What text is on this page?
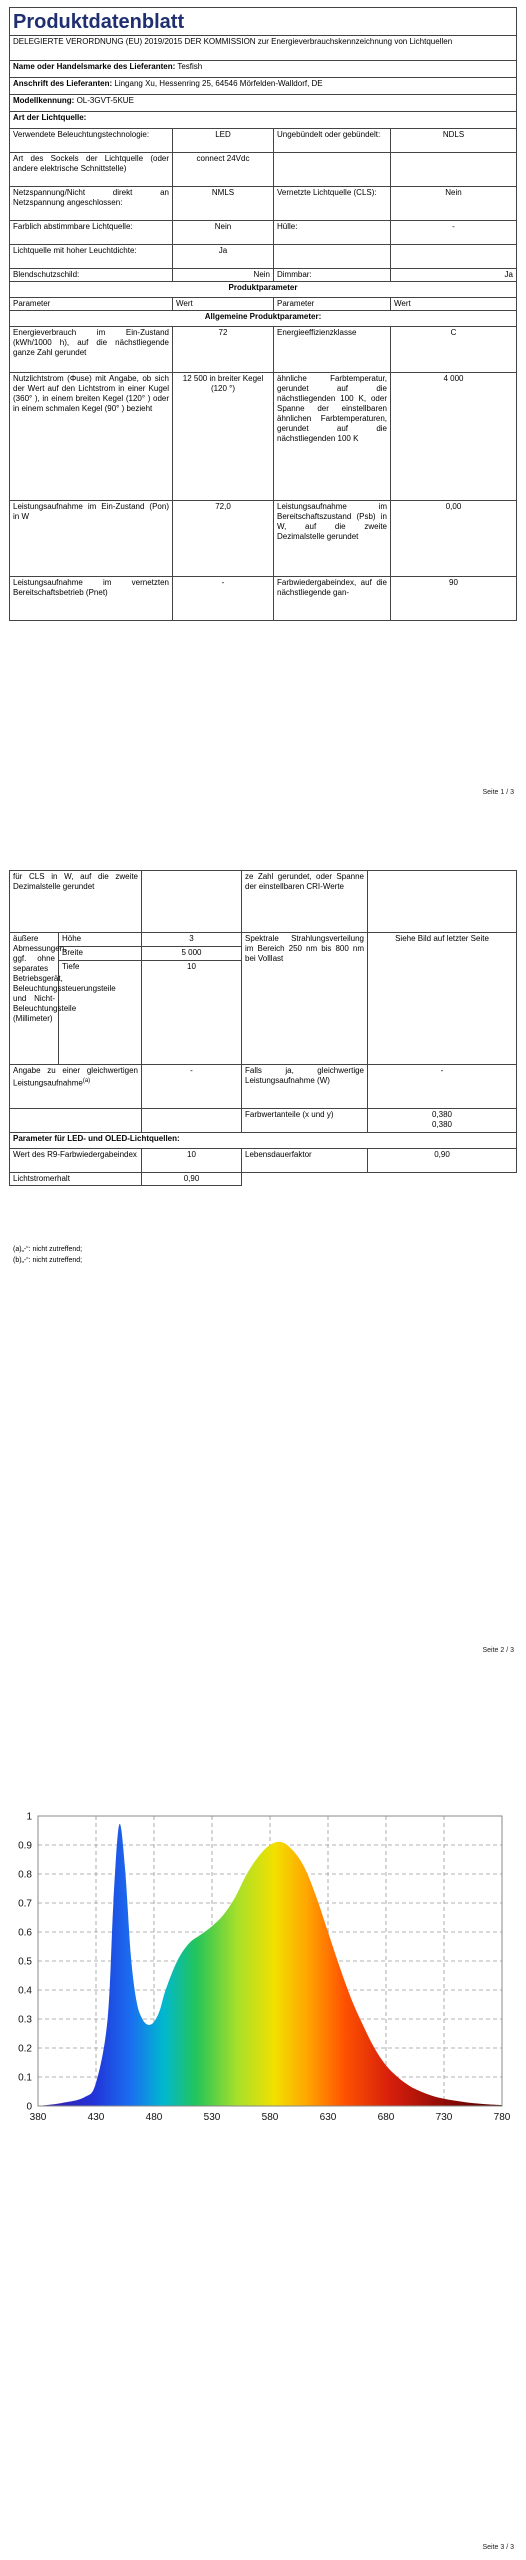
Produktdatenblatt			
DELEGIERTE VERORDNUNG (EU) 2019/2015 DER KOMMISSION zur Energieverbrauchskennzeichnung von Lichtquellen			
Name oder Handelsmarke des Lieferanten: Tesfish			
Anschrift des Lieferanten: Lingang Xu, Hessenring 25, 64546 Mörfelden-Walldorf, DE			
Modellkennung: OL-3GVT-5KUE			
Art der Lichtquelle:			
Verwendete Beleuchtungstechnologie:	LED	Ungebündelt oder gebündelt:	NDLS
Art des Sockels der Lichtquelle (oder andere elektrische Schnittstelle)	connect 24Vdc		
Netzspannung/Nicht direkt an Netzspannung angeschlossen:	NMLS	Vernetzte Lichtquelle (CLS):	Nein
Farblich abstimmbare Lichtquelle:	Nein	Hülle:	-
Lichtquelle mit hoher Leuchtdichte:	Ja		
Blendschutzschild:	Nein	Dimmbar:	Ja
Produktparameter			
Parameter	Wert	Parameter	Wert
Allgemeine Produktparameter:			
Energieverbrauch im Ein-Zustand (kWh/1000 h), auf die nächstliegende ganze Zahl gerundet	72	Energieeffizienzklasse	C
Nutzlichtstrom (Φuse) mit Angabe, ob sich der Wert auf den Lichtstrom in einer Kugel (360° ), in einem breiten Kegel (120° ) oder in einem schmalen Kegel (90° ) bezieht	12 500 in breiter Kegel (120 °)	ähnliche Farbtemperatur, gerundet auf die nächstliegenden 100 K, oder Spanne der einstellbaren ähnlichen Farbtemperaturen, gerundet auf die nächstliegenden 100 K	4 000
Leistungsaufnahme im Ein-Zustand (Pon) in W	72,0	Leistungsaufnahme im Bereitschaftszustand (Psb) in W, auf die zweite Dezimalstelle gerundet	0,00
Leistungsaufnahme im vernetzten Bereitschaftsbetrieb (Pnet)	-	Farbwiedergabeindex, auf die nächstliegende gan-	90
Seite 1 / 3
für CLS in W, auf die zweite Dezimalstelle gerundet			ze Zahl gerundet, oder Spanne der einstellbaren CRI-Werte	
äußere Abmessungen, ggf. ohne separates Betriebsgerät, Beleuchtungssteuerungsteile und Nicht-Beleuchtungsteile (Millimeter)	Höhe	3	Spektrale Strahlungsverteilung im Bereich 250 nm bis 800 nm bei Volllast	Siehe Bild auf letzter Seite
	Breite	5 000		
	Tiefe	10		
Angabe zu einer gleichwertigen Leistungsaufnahme$^{(a)}$		-	Falls ja, gleichwertige Leistungsaufnahme (W)	-
			Farbwertanteile (x und y)	0,380
0,380

Parameter für LED- und OLED-Lichtquellen:				
Wert des R9-Farbwiedergabeindex		10	Lebensdauerfaktor	0,90
Lichtstromerhalt		0,90		
(a)„-“: nicht zutreffend;
(b)„-“: nicht zutreffend;
Seite 2 / 3
0
0.1
0.2
0.3
0.4
0.5
0.6
0.7
0.8
0.9
1
380	430	480	530	580	630	680	730	780
Seite 3 / 3
